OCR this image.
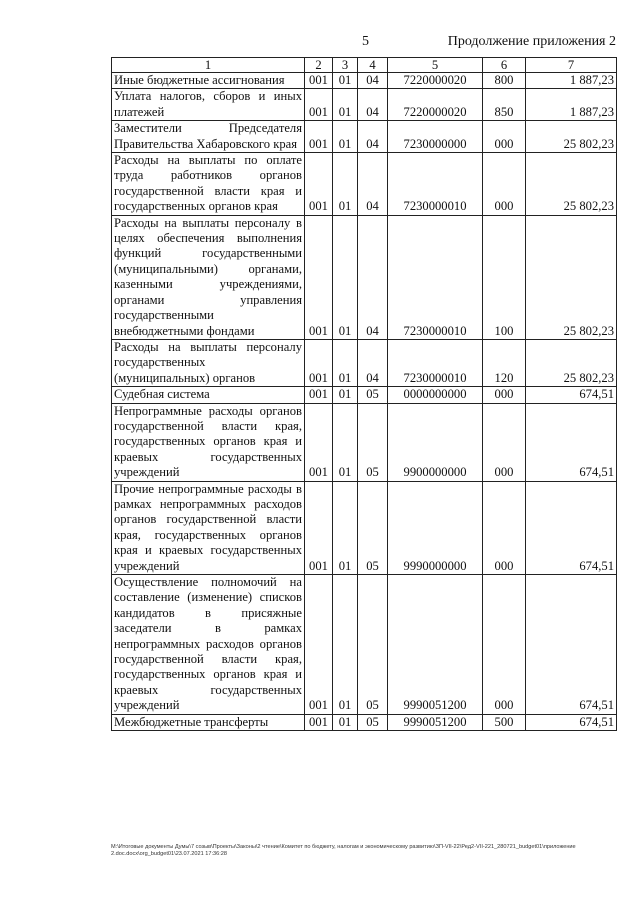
5	Продолжение приложения 2
1	2	3	4	5	6	7
Иные бюджетные ассигнования	001	01	04	7220000020	800	1 887,23
Уплата налогов, сборов и иных платежей	001	01	04	7220000020	850	1 887,23
Заместители Председателя Правительства Хабаровского края	001	01	04	7230000000	000	25 802,23
Расходы на выплаты по оплате труда работников органов государственной власти края и государственных органов края	001	01	04	7230000010	000	25 802,23
Расходы на выплаты персоналу в целях обеспечения выполнения функций государственными (муниципальными) органами, казенными учреждениями, органами управления государственными внебюджетными фондами	001	01	04	7230000010	100	25 802,23
Расходы на выплаты персоналу государственных (муниципальных) органов	001	01	04	7230000010	120	25 802,23
Судебная система	001	01	05	0000000000	000	674,51
Непрограммные расходы органов государственной власти края, государственных органов края и краевых государственных учреждений	001	01	05	9900000000	000	674,51
Прочие непрограммные расходы в рамках непрограммных расходов органов государственной власти края, государственных органов края и краевых государственных учреждений	001	01	05	9990000000	000	674,51
Осуществление полномочий на составление (изменение) списков кандидатов в присяжные заседатели в рамках непрограммных расходов органов государственной власти края, государственных органов края и краевых государственных учреждений	001	01	05	9990051200	000	674,51
Межбюджетные трансферты	001	01	05	9990051200	500	674,51
М:\Итоговые документы Думы\7 созыв\Проекты\Законы\2 чтение\Комитет по бюджету, налогам и экономическому развитию\ЗП-VII-22\Ред2-VII-221_280721_budget01\приложение 2.doc.docx\org_budget01\23.07.2021 17:36:28
